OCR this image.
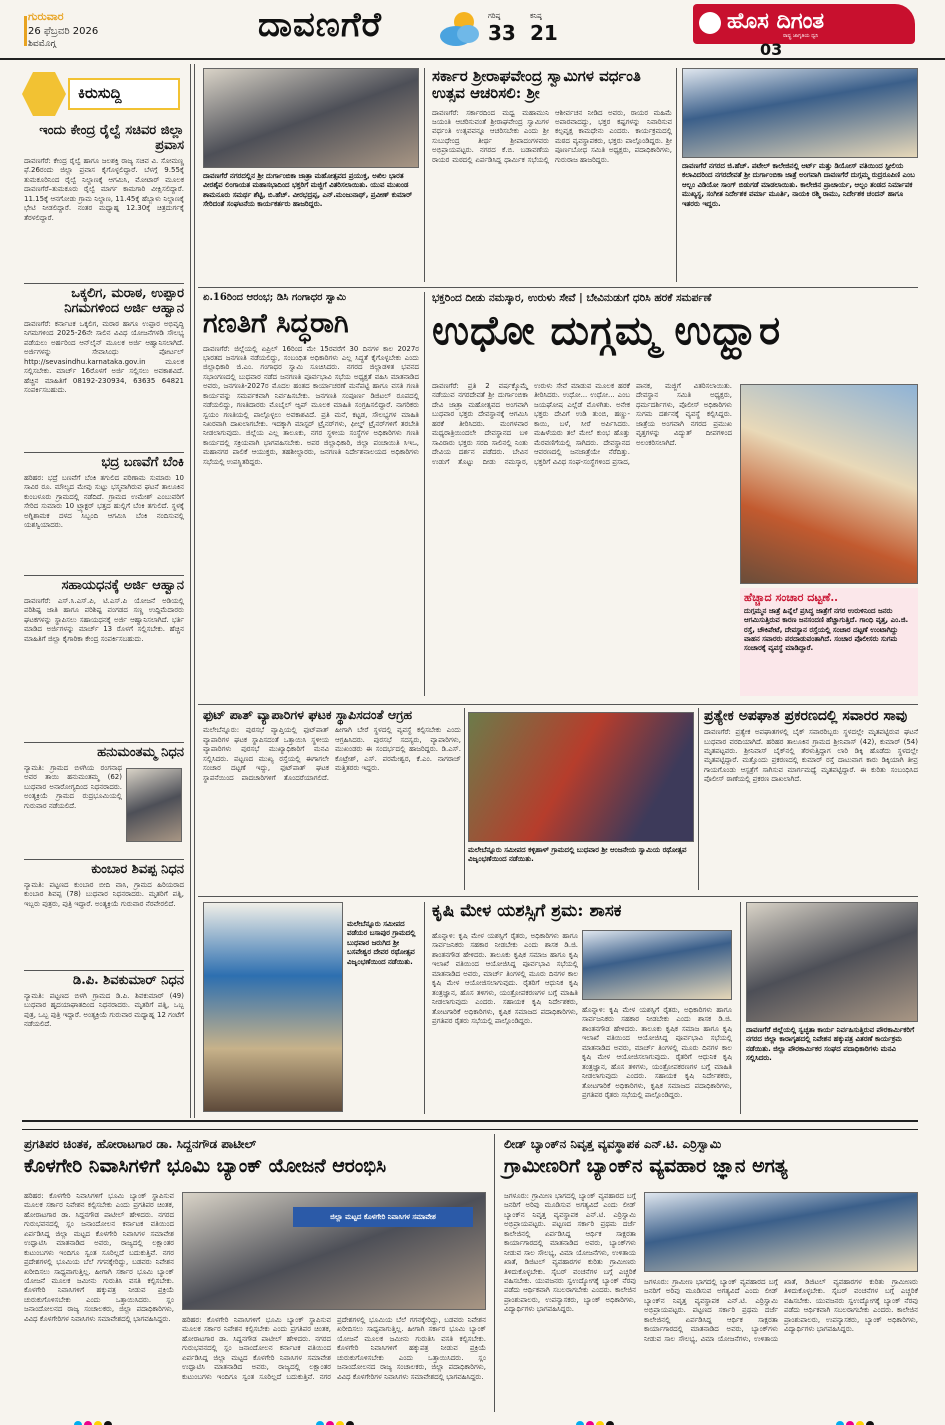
ಗುರುವಾರ
26 ಫೆಬ್ರವರಿ 2026
ಶಿವಮೊಗ್ಗ	ದಾವಣಗೆರೆ	ಗರಿಷ್ಠ
33
ಕನಿಷ್ಠ
21	ಹೊಸ ದಿಗಂತ
ರಾಷ್ಟ್ರ ಜಾಗೃತಿಯ ಧ್ವನಿ
03
ಕಿರುಸುದ್ದಿ
ಇಂದು ಕೇಂದ್ರ ರೈಲ್ವೆ ಸಚಿವರ ಜಿಲ್ಲಾ ಪ್ರವಾಸ
ದಾವಣಗೆರೆ: ಕೇಂದ್ರ ರೈಲ್ವೆ ಹಾಗೂ ಜಲಶಕ್ತಿ ರಾಜ್ಯ ಸಚಿವ ವಿ. ಸೋಮಣ್ಣ ಫೆ.26ರಂದು ಜಿಲ್ಲಾ ಪ್ರವಾಸ ಕೈಗೊಳ್ಳಲಿದ್ದಾರೆ. ಬೆಳಗ್ಗೆ 9.55ಕ್ಕೆ ತುಮಕೂರಿನಿಂದ ರೈಲ್ವೆ ನಿಲ್ದಾಣಕ್ಕೆ ಆಗಮಿಸಿ, ಮೋಟಾರ್ ಮೂಲಕ ದಾವಣಗೆರೆ–ತುಮಕೂರು ರೈಲ್ವೆ ಮಾರ್ಗ ಕಾಮಗಾರಿ ವೀಕ್ಷಿಸಲಿದ್ದಾರೆ. 11.15ಕ್ಕೆ ಆನಗೋಡು ಗ್ರಾಮ ನಿಲ್ದಾಣ, 11.45ಕ್ಕೆ ಹೆಬ್ಬಾಳು ನಿಲ್ದಾಣಕ್ಕೆ ಭೇಟಿ ನೀಡಲಿದ್ದಾರೆ. ನಂತರ ಮಧ್ಯಾಹ್ನ 12.30ಕ್ಕೆ ಚಿತ್ರದುರ್ಗಕ್ಕೆ ತೆರಳಲಿದ್ದಾರೆ.
ಒಕ್ಕಲಿಗ, ಮರಾಠ, ಉಪ್ಪಾರ ನಿಗಮಗಳಿಂದ ಅರ್ಜಿ ಆಹ್ವಾನ
ದಾವಣಗೆರೆ: ಕರ್ನಾಟಕ ಒಕ್ಕಲಿಗ, ಮರಾಠ ಹಾಗೂ ಉಪ್ಪಾರ ಅಭಿವೃದ್ಧಿ ನಿಗಮಗಳಿಂದ 2025-26ನೇ ಸಾಲಿನ ವಿವಿಧ ಯೋಜನೆಗಳಡಿ ಸೌಲಭ್ಯ ಪಡೆಯಲು ಅರ್ಹರಿಂದ ಆನ್‌ಲೈನ್ ಮೂಲಕ ಅರ್ಜಿ ಆಹ್ವಾನಿಸಲಾಗಿದೆ. ಅರ್ಜಿಗಳನ್ನು ಸೇವಾಸಿಂಧು ಪೋರ್ಟಲ್ http://sevasindhu.karnataka.gov.in ಮೂಲಕ ಸಲ್ಲಿಸಬೇಕು. ಮಾರ್ಚ್ 16ರೊಳಗೆ ಅರ್ಜಿ ಸಲ್ಲಿಸಲು ಅವಕಾಶವಿದೆ. ಹೆಚ್ಚಿನ ಮಾಹಿತಿಗೆ 08192-230934, 63635 64821 ಸಂಪರ್ಕಿಸಬಹುದು.
ಭದ್ರ ಬಣವೆಗೆ ಬೆಂಕಿ
ಹರಿಹರ: ಭದ್ರೆ ಬಣವೆಗೆ ಬೆಂಕಿ ತಗುಲಿದ ಪರಿಣಾಮ ಸುಮಾರು 10 ಸಾವಿರ ರೂ. ಮೌಲ್ಯದ ಮೇವು ಸುಟ್ಟು ಭಸ್ಮವಾಗಿರುವ ಘಟನೆ ತಾಲೂಕಿನ ಕುಂಬಳೂರು ಗ್ರಾಮದಲ್ಲಿ ನಡೆದಿದೆ. ಗ್ರಾಮದ ಉಮೇಶ್ ಎಂಬುವರಿಗೆ ಸೇರಿದ ಸುಮಾರು 10 ಟ್ರ್ಯಾಕ್ಟರ್ ಭತ್ತದ ಹುಲ್ಲಿಗೆ ಬೆಂಕಿ ತಗುಲಿದೆ. ಸ್ಥಳಕ್ಕೆ ಅಗ್ನಿಶಾಮಕ ದಳದ ಸಿಬ್ಬಂದಿ ಆಗಮಿಸಿ ಬೆಂಕಿ ನಂದಿಸುವಲ್ಲಿ ಯಶಸ್ವಿಯಾದರು.
ಸಹಾಯಧನಕ್ಕೆ ಅರ್ಜಿ ಆಹ್ವಾನ
ದಾವಣಗೆರೆ: ಎಸ್.ಸಿ.ಎಸ್.ಪಿ, ಟಿ.ಎಸ್.ಪಿ ಯೋಜನೆ ಅಡಿಯಲ್ಲಿ ಪರಿಶಿಷ್ಟ ಜಾತಿ ಹಾಗೂ ಪರಿಶಿಷ್ಟ ಪಂಗಡದ ಸಣ್ಣ ಉದ್ದಿಮೆದಾರರು ಘಟಕಗಳನ್ನು ಸ್ಥಾಪಿಸಲು ಸಹಾಯಧನಕ್ಕೆ ಅರ್ಜಿ ಆಹ್ವಾನಿಸಲಾಗಿದೆ. ಭರ್ತಿ ಮಾಡಿದ ಅರ್ಜಿಗಳನ್ನು ಮಾರ್ಚ್ 13 ರೊಳಗೆ ಸಲ್ಲಿಸಬೇಕು. ಹೆಚ್ಚಿನ ಮಾಹಿತಿಗೆ ಜಿಲ್ಲಾ ಕೈಗಾರಿಕಾ ಕೇಂದ್ರ ಸಂಪರ್ಕಿಸಬಹುದು.
ಹನುಮಂತಮ್ಮ ನಿಧನ
ನ್ಯಾಮತಿ: ಗ್ರಾಮದ ಬಿಳಗಿಯ ರಂಗನಾಥ ಅವರ ತಾಯಿ ಹನುಮಂತಮ್ಮ (62) ಬುಧವಾರ ಅನಾರೋಗ್ಯದಿಂದ ನಿಧನರಾದರು. ಅಂತ್ಯಕ್ರಿಯೆ ಗ್ರಾಮದ ರುದ್ರಭೂಮಿಯಲ್ಲಿ ಗುರುವಾರ ನಡೆಯಲಿದೆ.
ಕುಂಬಾರ ಶಿವಪ್ಪ ನಿಧನ
ನ್ಯಾಮತಿ: ಪಟ್ಟಣದ ಕುಂಬಾರ ಬೀದಿ ವಾಸಿ, ಗ್ರಾಮದ ಹಿರಿಯರಾದ ಕುಂಬಾರ ಶಿವಪ್ಪ (78) ಬುಧವಾರ ನಿಧನರಾದರು. ಮೃತರಿಗೆ ಪತ್ನಿ, ಇಬ್ಬರು ಪುತ್ರರು, ಪುತ್ರಿ ಇದ್ದಾರೆ. ಅಂತ್ಯಕ್ರಿಯೆ ಗುರುವಾರ ನೆರವೇರಲಿದೆ.
ಡಿ.ಪಿ. ಶಿವಕುಮಾರ್ ನಿಧನ
ನ್ಯಾಮತಿ: ಪಟ್ಟಣದ ಬಿಳಗಿ ಗ್ರಾಮದ ಡಿ.ಪಿ. ಶಿವಕುಮಾರ್ (49) ಬುಧವಾರ ಹೃದಯಾಘಾತದಿಂದ ನಿಧನರಾದರು. ಮೃತರಿಗೆ ಪತ್ನಿ, ಒಬ್ಬ ಪುತ್ರ, ಒಬ್ಬ ಪುತ್ರಿ ಇದ್ದಾರೆ. ಅಂತ್ಯಕ್ರಿಯೆ ಗುರುವಾರ ಮಧ್ಯಾಹ್ನ 12 ಗಂಟೆಗೆ ನಡೆಯಲಿದೆ.
ದಾವಣಗೆರೆ ನಗರದಲ್ಲಿನ ಶ್ರೀ ದುರ್ಗಾಂಬಿಕಾ ಜಾತ್ರಾ ಮಹೋತ್ಸವದ ಪ್ರಯುಕ್ತ, ಅಖಿಲ ಭಾರತ ವೀರಶೈವ ಲಿಂಗಾಯತ ಮಹಾಸಭಾದಿಂದ ಭಕ್ತರಿಗೆ ಮಜ್ಜಿಗೆ ವಿತರಿಸಲಾಯಿತು. ಯುವ ಮುಖಂಡ ಶಾಮನೂರು ಸಮರ್ಥ ಶೆಟ್ಟಿ, ಬಿ.ಹೆಚ್. ವೀರಭದ್ರಪ್ಪ, ಎನ್.ಮಂಜುನಾಥ್, ಪ್ರವೀಣ್ ಕುಮಾರ್ ಸೇರಿದಂತೆ ಸಂಘಟನೆಯ ಕಾರ್ಯಕರ್ತರು ಹಾಜರಿದ್ದರು.
ಸರ್ಕಾರ ಶ್ರೀರಾಘವೇಂದ್ರ ಸ್ವಾಮಿಗಳ ವರ್ಧಂತಿ ಉತ್ಸವ ಆಚರಿಸಲಿ: ಶ್ರೀ
ದಾವಣಗೆರೆ: ಸರ್ಕಾರದಿಂದ ಮಧ್ವ ಮಹಾಮುನಿ ಜಯಂತಿ ಆಚರಿಸುವಂತೆ ಶ್ರೀರಾಘವೇಂದ್ರ ಸ್ವಾಮಿಗಳ ವರ್ಧಂತಿ ಉತ್ಸವವನ್ನೂ ಆಚರಿಸಬೇಕು ಎಂದು ಶ್ರೀ ಸುಬುಧೇಂದ್ರ ತೀರ್ಥ ಶ್ರೀಪಾದಂಗಳವರು ಅಭಿಪ್ರಾಯಪಟ್ಟರು. ನಗರದ ಕೆ.ಬಿ. ಬಡಾವಣೆಯ ರಾಯರ ಮಠದಲ್ಲಿ ಏರ್ಪಡಿಸಿದ್ದ ಧಾರ್ಮಿಕ ಸಭೆಯಲ್ಲಿ ಆಶೀರ್ವಚನ ನೀಡಿದ ಅವರು, ರಾಯರ ಮಹಿಮೆ ಅಪಾರವಾದದ್ದು, ಭಕ್ತರ ಕಷ್ಟಗಳನ್ನು ನಿವಾರಿಸುವ ಕಲ್ಪವೃಕ್ಷ ಕಾಮಧೇನು ಎಂದರು. ಕಾರ್ಯಕ್ರಮದಲ್ಲಿ ಮಠದ ವ್ಯವಸ್ಥಾಪಕರು, ಭಕ್ತರು ಪಾಲ್ಗೊಂಡಿದ್ದರು. ಶ್ರೀ ಪೂರ್ಣಬೋಧ ಸಮಿತಿ ಅಧ್ಯಕ್ಷರು, ಪದಾಧಿಕಾರಿಗಳು, ಗುರುರಾಜ ಹಾಜರಿದ್ದರು.
ದಾವಣಗೆರೆ ನಗರದ ಜಿ.ಹೆಚ್. ಪಟೇಲ್ ಕಾಲೇಜಿನಲ್ಲಿ ಆರ್ಟ್ ಮತ್ತು ಡಿಯೋಸ್ ವತಿಯಿಂದ ಸ್ಟೀಲಿಯ ಕಲಾವಿದರಿಂದ ನಗರದೇವತೆ ಶ್ರೀ ದುರ್ಗಾಂಬಿಕಾ ಜಾತ್ರೆ ಅಂಗವಾಗಿ ದಾವಣಗೆರೆ ದುಗ್ಗಮ್ಮ ರುದ್ರರೂಪಿಣಿ ಎಂಬ ಆಲ್ಬಂ ವಿಡಿಯೋ ಸಾಂಗ್ ಬಿಡುಗಡೆ ಮಾಡಲಾಯಿತು. ಕಾಲೇಜಿನ ಪ್ರಾಚಾರ್ಯ, ಆಲ್ಬಂ ತಂಡದ ನಿರ್ಮಾಪಕ ಮುಖ್ಯಸ್ಥ, ಸಂಗೀತ ನಿರ್ದೇಶಕ ವರ್ಮಾ ಮೂರ್ತಿ, ನಾಯಕಿ ರಶ್ಮಿ ರಾಮು, ನಿರ್ದೇಶಕ ಚಂದನ್ ಹಾಗೂ ಇತರರು ಇದ್ದರು.
ಏ.16ರಿಂದ ಆರಂಭ; ಡಿಸಿ ಗಂಗಾಧರ ಸ್ವಾಮಿ
ಗಣತಿಗೆ ಸಿದ್ಧರಾಗಿ
ದಾವಣಗೆರೆ: ಜಿಲ್ಲೆಯಲ್ಲಿ ಏಪ್ರಿಲ್ 16ರಿಂದ ಮೇ 15ರವರೆಗೆ 30 ದಿನಗಳ ಕಾಲ 2027ರ ಭಾರತದ ಜನಗಣತಿ ನಡೆಯಲಿದ್ದು, ಸಂಬಂಧಿತ ಅಧಿಕಾರಿಗಳು ಎಲ್ಲ ಸಿದ್ಧತೆ ಕೈಗೊಳ್ಳಬೇಕು ಎಂದು ಜಿಲ್ಲಾಧಿಕಾರಿ ಜಿ.ಎಂ. ಗಂಗಾಧರ ಸ್ವಾಮಿ ಸೂಚಿಸಿದರು. ನಗರದ ಜಿಲ್ಲಾಡಳಿತ ಭವನದ ಸಭಾಂಗಣದಲ್ಲಿ ಬುಧವಾರ ನಡೆದ ಜನಗಣತಿ ಪೂರ್ವಭಾವಿ ಸಭೆಯ ಅಧ್ಯಕ್ಷತೆ ವಹಿಸಿ ಮಾತನಾಡಿದ ಅವರು, ಜನಗಣತಿ-2027ರ ಮೊದಲ ಹಂತದ ಕಾರ್ಯಾಚರಣೆ ಮನೆಪಟ್ಟಿ ಹಾಗೂ ವಸತಿ ಗಣತಿ ಕಾರ್ಯವನ್ನು ಸಮರ್ಪಕವಾಗಿ ನಿರ್ವಹಿಸಬೇಕು. ಜನಗಣತಿ ಸಂಪೂರ್ಣ ಡಿಜಿಟಲ್ ರೂಪದಲ್ಲಿ ನಡೆಯಲಿದ್ದು, ಗಣತಿದಾರರು ಮೊಬೈಲ್ ಆ್ಯಪ್ ಮೂಲಕ ಮಾಹಿತಿ ಸಂಗ್ರಹಿಸಲಿದ್ದಾರೆ. ನಾಗರಿಕರು ಸ್ವಯಂ ಗಣತಿಯಲ್ಲಿ ಪಾಲ್ಗೊಳ್ಳಲು ಅವಕಾಶವಿದೆ. ಪ್ರತಿ ಮನೆ, ಕಟ್ಟಡ, ಸೌಲಭ್ಯಗಳ ಮಾಹಿತಿ ನಿಖರವಾಗಿ ದಾಖಲಾಗಬೇಕು. ಇದಕ್ಕಾಗಿ ಮಾಸ್ಟರ್ ಟ್ರೈನರ್‌ಗಳು, ಫೀಲ್ಡ್ ಟ್ರೈನರ್‌ಗಳಿಗೆ ತರಬೇತಿ ನೀಡಲಾಗುವುದು. ಜಿಲ್ಲೆಯ ಎಲ್ಲ ತಾಲೂಕು, ನಗರ ಸ್ಥಳೀಯ ಸಂಸ್ಥೆಗಳ ಅಧಿಕಾರಿಗಳು ಗಣತಿ ಕಾರ್ಯದಲ್ಲಿ ಸಕ್ರಿಯವಾಗಿ ಭಾಗವಹಿಸಬೇಕು. ಅಪರ ಜಿಲ್ಲಾಧಿಕಾರಿ, ಜಿಲ್ಲಾ ಪಂಚಾಯಿತಿ ಸಿಇಒ, ಮಹಾನಗರ ಪಾಲಿಕೆ ಆಯುಕ್ತರು, ತಹಶೀಲ್ದಾರರು, ಜನಗಣತಿ ನಿರ್ದೇಶನಾಲಯದ ಅಧಿಕಾರಿಗಳು ಸಭೆಯಲ್ಲಿ ಉಪಸ್ಥಿತರಿದ್ದರು.
ಭಕ್ತರಿಂದ ದೀಡು ನಮಸ್ಕಾರ, ಉರುಳು ಸೇವೆ | ಬೇವಿನುಡುಗೆ ಧರಿಸಿ ಹರಕೆ ಸಮರ್ಪಣೆ
ಉಧೋ ದುಗ್ಗಮ್ಮ ಉಧ್ಹಾರ
ದಾವಣಗೆರೆ: ಪ್ರತಿ 2 ವರ್ಷಕ್ಕೊಮ್ಮೆ ನಡೆಯುವ ನಗರದೇವತೆ ಶ್ರೀ ದುರ್ಗಾಂಬಿಕಾ ದೇವಿ ಜಾತ್ರಾ ಮಹೋತ್ಸವದ ಅಂಗವಾಗಿ ಬುಧವಾರ ಭಕ್ತರು ದೇವಸ್ಥಾನಕ್ಕೆ ಆಗಮಿಸಿ ಹರಕೆ ತೀರಿಸಿದರು. ಮಂಗಳವಾರ ಮಧ್ಯರಾತ್ರಿಯಿಂದಲೇ ದೇವಸ್ಥಾನದ ಬಳಿ ಸಾವಿರಾರು ಭಕ್ತರು ಸರದಿ ಸಾಲಿನಲ್ಲಿ ನಿಂತು ದೇವಿಯ ದರ್ಶನ ಪಡೆದರು. ಬೇವಿನ ಉಡುಗೆ ತೊಟ್ಟು ದೀಡು ನಮಸ್ಕಾರ, ಉರುಳು ಸೇವೆ ಮಾಡುವ ಮೂಲಕ ಹರಕೆ ತೀರಿಸಿದರು. ಉಧೋ... ಉಧೋ... ಎಂಬ ಜಯಘೋಷ ಎಲ್ಲೆಡೆ ಮೊಳಗಿತು. ಅನೇಕ ಭಕ್ತರು ದೇವಿಗೆ ಉಡಿ ತುಂಬಿ, ಹಣ್ಣು-ಕಾಯಿ, ಬಳೆ, ಸೀರೆ ಅರ್ಪಿಸಿದರು. ಮಹಿಳೆಯರು ತಲೆ ಮೇಲೆ ಕುಂಭ ಹೊತ್ತು ಮೆರವಣಿಗೆಯಲ್ಲಿ ಸಾಗಿದರು. ದೇವಸ್ಥಾನದ ಆವರಣದಲ್ಲಿ ಜನಜಾತ್ರೆಯೇ ನೆರೆದಿತ್ತು. ಭಕ್ತರಿಗೆ ವಿವಿಧ ಸಂಘ-ಸಂಸ್ಥೆಗಳಿಂದ ಪ್ರಸಾದ, ಪಾನಕ, ಮಜ್ಜಿಗೆ ವಿತರಿಸಲಾಯಿತು. ದೇವಸ್ಥಾನ ಸಮಿತಿ ಅಧ್ಯಕ್ಷರು, ಧರ್ಮದರ್ಶಿಗಳು, ಪೊಲೀಸ್ ಅಧಿಕಾರಿಗಳು ಸುಗಮ ದರ್ಶನಕ್ಕೆ ವ್ಯವಸ್ಥೆ ಕಲ್ಪಿಸಿದ್ದರು. ಜಾತ್ರೆಯ ಅಂಗವಾಗಿ ನಗರದ ಪ್ರಮುಖ ವೃತ್ತಗಳನ್ನು ವಿದ್ಯುತ್ ದೀಪಗಳಿಂದ ಅಲಂಕರಿಸಲಾಗಿದೆ.
ಹೆಚ್ಚಾದ ಸಂಚಾರ ದಟ್ಟಣೆ..
ದುಗ್ಗಮ್ಮನ ಜಾತ್ರೆ ಹಿನ್ನೆಲೆ ಪ್ರಸಿದ್ಧ ಜಾತ್ರೆಗೆ ನಗರ ಉರುಳಿನಿಂದ ಜನರು ಆಗಮಿಸುತ್ತಿರುವ ಕಾರಣ ಜನಸಂದಣಿ ಹೆಚ್ಚಾಗುತ್ತಿದೆ. ಗಾಂಧಿ ವೃತ್ತ, ಎಂ.ಜಿ. ರಸ್ತೆ, ಚೌಕಿಪೇಟೆ, ದೇವಸ್ಥಾನ ರಸ್ತೆಯಲ್ಲಿ ಸಂಚಾರ ದಟ್ಟಣೆ ಉಂಟಾಗಿದ್ದು ವಾಹನ ಸವಾರರು ಪರದಾಡುವಂತಾಗಿದೆ. ಸಂಚಾರ ಪೊಲೀಸರು ಸುಗಮ ಸಂಚಾರಕ್ಕೆ ವ್ಯವಸ್ಥೆ ಮಾಡಿದ್ದಾರೆ.
ಫುಟ್ ಪಾತ್ ವ್ಯಾಪಾರಿಗಳ ಘಟಕ ಸ್ಥಾಪಿಸದಂತೆ ಆಗ್ರಹ
ಮಲೇಬೆನ್ನೂರು: ಪುರಸಭೆ ವ್ಯಾಪ್ತಿಯಲ್ಲಿ ಫುಟ್‌ಪಾತ್ ವ್ಯಾಪಾರಿಗಳ ಘಟಕ ಸ್ಥಾಪಿಸದಂತೆ ಒತ್ತಾಯಿಸಿ ಸ್ಥಳೀಯ ವ್ಯಾಪಾರಿಗಳು ಪುರಸಭೆ ಮುಖ್ಯಾಧಿಕಾರಿಗೆ ಮನವಿ ಸಲ್ಲಿಸಿದರು. ಪಟ್ಟಣದ ಮುಖ್ಯ ರಸ್ತೆಯಲ್ಲಿ ಈಗಾಗಲೇ ಸಂಚಾರ ದಟ್ಟಣೆ ಇದ್ದು, ಫುಟ್‌ಪಾತ್ ಘಟಕ ಸ್ಥಾಪನೆಯಿಂದ ಪಾದಚಾರಿಗಳಿಗೆ ತೊಂದರೆಯಾಗಲಿದೆ. ಹೀಗಾಗಿ ಬೇರೆ ಸ್ಥಳದಲ್ಲಿ ವ್ಯವಸ್ಥೆ ಕಲ್ಪಿಸಬೇಕು ಎಂದು ಆಗ್ರಹಿಸಿದರು. ಪುರಸಭೆ ಸದಸ್ಯರು, ವ್ಯಾಪಾರಿಗಳು, ಮುಖಂಡರು ಈ ಸಂದರ್ಭದಲ್ಲಿ ಹಾಜರಿದ್ದರು. ಡಿ.ಎಸ್. ಕೊಟ್ರೇಶ್, ಎಸ್. ಪರಮೇಶ್ವರ, ಕೆ.ಎಂ. ನಾಗರಾಜ್ ಮತ್ತಿತರರು ಇದ್ದರು.
ಮಲೇಬೆನ್ನೂರು ಸಮೀಪದ ಕಳ್ಳಿಹಾಳ್ ಗ್ರಾಮದಲ್ಲಿ ಬುಧವಾರ ಶ್ರೀ ಆಂಜನೇಯ ಸ್ವಾಮಿಯ ರಥೋತ್ಸವ ವಿಜೃಂಭಣೆಯಿಂದ ನಡೆಯಿತು.
ಪ್ರತ್ಯೇಕ ಅಪಘಾತ ಪ್ರಕರಣದಲ್ಲಿ ಸವಾರರ ಸಾವು
ದಾವಣಗೆರೆ: ಪ್ರತ್ಯೇಕ ಅಪಘಾತಗಳಲ್ಲಿ ಬೈಕ್ ಸವಾರರಿಬ್ಬರು ಸ್ಥಳದಲ್ಲೇ ಮೃತಪಟ್ಟಿರುವ ಘಟನೆ ಬುಧವಾರ ವರದಿಯಾಗಿದೆ. ಹರಿಹರ ತಾಲೂಕಿನ ಗ್ರಾಮದ ಶ್ರೀನಿವಾಸ್ (42), ಕುಮಾರ್ (54) ಮೃತಪಟ್ಟವರು. ಶ್ರೀನಿವಾಸ್ ಬೈಕ್‌ನಲ್ಲಿ ತೆರಳುತ್ತಿದ್ದಾಗ ಲಾರಿ ಡಿಕ್ಕಿ ಹೊಡೆದು ಸ್ಥಳದಲ್ಲೇ ಮೃತಪಟ್ಟಿದ್ದಾರೆ. ಮತ್ತೊಂದು ಪ್ರಕರಣದಲ್ಲಿ ಕುಮಾರ್ ರಸ್ತೆ ದಾಟುವಾಗ ಕಾರು ಡಿಕ್ಕಿಯಾಗಿ ತೀವ್ರ ಗಾಯಗೊಂಡು ಆಸ್ಪತ್ರೆಗೆ ಸಾಗಿಸುವ ಮಾರ್ಗಮಧ್ಯೆ ಮೃತಪಟ್ಟಿದ್ದಾರೆ. ಈ ಕುರಿತು ಸಂಬಂಧಿಸಿದ ಪೊಲೀಸ್ ಠಾಣೆಯಲ್ಲಿ ಪ್ರಕರಣ ದಾಖಲಾಗಿದೆ.
ಮಲೇಬೆನ್ನೂರು ಸಮೀಪದ ವಡೆಯರ ಬಸಾಪುರ ಗ್ರಾಮದಲ್ಲಿ ಬುಧವಾರ ಜರುಗಿದ ಶ್ರೀ ಬಸವೇಶ್ವರ ದೇವರ ರಥೋತ್ಸವ ವಿಜೃಂಭಣೆಯಿಂದ ನಡೆಯಿತು.
ಕೃಷಿ ಮೇಳ ಯಶಸ್ಸಿಗೆ ಶ್ರಮ: ಶಾಸಕ
ಹೊನ್ನಾಳಿ: ಕೃಷಿ ಮೇಳ ಯಶಸ್ಸಿಗೆ ರೈತರು, ಅಧಿಕಾರಿಗಳು ಹಾಗೂ ಸಾರ್ವಜನಿಕರು ಸಹಕಾರ ನೀಡಬೇಕು ಎಂದು ಶಾಸಕ ಡಿ.ಜಿ. ಶಾಂತನಗೌಡ ಹೇಳಿದರು. ತಾಲೂಕು ಕೃಷಿಕ ಸಮಾಜ ಹಾಗೂ ಕೃಷಿ ಇಲಾಖೆ ವತಿಯಿಂದ ಆಯೋಜಿಸಿದ್ದ ಪೂರ್ವಭಾವಿ ಸಭೆಯಲ್ಲಿ ಮಾತನಾಡಿದ ಅವರು, ಮಾರ್ಚ್ ತಿಂಗಳಲ್ಲಿ ಮೂರು ದಿನಗಳ ಕಾಲ ಕೃಷಿ ಮೇಳ ಆಯೋಜಿಸಲಾಗುವುದು. ರೈತರಿಗೆ ಆಧುನಿಕ ಕೃಷಿ ತಂತ್ರಜ್ಞಾನ, ಹೊಸ ತಳಿಗಳು, ಯಂತ್ರೋಪಕರಣಗಳ ಬಗ್ಗೆ ಮಾಹಿತಿ ನೀಡಲಾಗುವುದು ಎಂದರು. ಸಹಾಯಕ ಕೃಷಿ ನಿರ್ದೇಶಕರು, ತೋಟಗಾರಿಕೆ ಅಧಿಕಾರಿಗಳು, ಕೃಷಿಕ ಸಮಾಜದ ಪದಾಧಿಕಾರಿಗಳು, ಪ್ರಗತಿಪರ ರೈತರು ಸಭೆಯಲ್ಲಿ ಪಾಲ್ಗೊಂಡಿದ್ದರು.
ಹೊನ್ನಾಳಿ: ಕೃಷಿ ಮೇಳ ಯಶಸ್ಸಿಗೆ ರೈತರು, ಅಧಿಕಾರಿಗಳು ಹಾಗೂ ಸಾರ್ವಜನಿಕರು ಸಹಕಾರ ನೀಡಬೇಕು ಎಂದು ಶಾಸಕ ಡಿ.ಜಿ. ಶಾಂತನಗೌಡ ಹೇಳಿದರು. ತಾಲೂಕು ಕೃಷಿಕ ಸಮಾಜ ಹಾಗೂ ಕೃಷಿ ಇಲಾಖೆ ವತಿಯಿಂದ ಆಯೋಜಿಸಿದ್ದ ಪೂರ್ವಭಾವಿ ಸಭೆಯಲ್ಲಿ ಮಾತನಾಡಿದ ಅವರು, ಮಾರ್ಚ್ ತಿಂಗಳಲ್ಲಿ ಮೂರು ದಿನಗಳ ಕಾಲ ಕೃಷಿ ಮೇಳ ಆಯೋಜಿಸಲಾಗುವುದು. ರೈತರಿಗೆ ಆಧುನಿಕ ಕೃಷಿ ತಂತ್ರಜ್ಞಾನ, ಹೊಸ ತಳಿಗಳು, ಯಂತ್ರೋಪಕರಣಗಳ ಬಗ್ಗೆ ಮಾಹಿತಿ ನೀಡಲಾಗುವುದು ಎಂದರು. ಸಹಾಯಕ ಕೃಷಿ ನಿರ್ದೇಶಕರು, ತೋಟಗಾರಿಕೆ ಅಧಿಕಾರಿಗಳು, ಕೃಷಿಕ ಸಮಾಜದ ಪದಾಧಿಕಾರಿಗಳು, ಪ್ರಗತಿಪರ ರೈತರು ಸಭೆಯಲ್ಲಿ ಪಾಲ್ಗೊಂಡಿದ್ದರು.
ದಾವಣಗೆರೆ ಜಿಲ್ಲೆಯಲ್ಲಿ ಸ್ವಚ್ಛತಾ ಕಾರ್ಯ ನಿರ್ವಹಿಸುತ್ತಿರುವ ಪೌರಕಾರ್ಮಿಕರಿಗೆ ನಗರದ ಜಿಲ್ಲಾ ಕಾರಾಗೃಹದಲ್ಲಿ ನಿವೇಶನ ಹಕ್ಕುಪತ್ರ ವಿತರಣೆ ಕಾರ್ಯಕ್ರಮ ನಡೆಯಿತು. ಜಿಲ್ಲಾ ಪೌರಕಾರ್ಮಿಕರ ಸಂಘದ ಪದಾಧಿಕಾರಿಗಳು ಮನವಿ ಸಲ್ಲಿಸಿದರು.
ಪ್ರಗತಿಪರ ಚಿಂತಕ, ಹೋರಾಟಗಾರ ಡಾ. ಸಿದ್ದನಗೌಡ ಪಾಟೀಲ್
ಕೊಳಗೇರಿ ನಿವಾಸಿಗಳಿಗೆ ಭೂಮಿ ಬ್ಯಾಂಕ್ ಯೋಜನೆ ಆರಂಭಿಸಿ
ಹರಿಹರ: ಕೊಳಗೇರಿ ನಿವಾಸಿಗಳಿಗೆ ಭೂಮಿ ಬ್ಯಾಂಕ್ ಸ್ಥಾಪಿಸುವ ಮೂಲಕ ಸರ್ಕಾರ ನಿವೇಶನ ಕಲ್ಪಿಸಬೇಕು ಎಂದು ಪ್ರಗತಿಪರ ಚಿಂತಕ, ಹೋರಾಟಗಾರ ಡಾ. ಸಿದ್ದನಗೌಡ ಪಾಟೀಲ್ ಹೇಳಿದರು. ನಗರದ ಗುರುಭವನದಲ್ಲಿ ಸ್ಲಂ ಜನಾಂದೋಲನ ಕರ್ನಾಟಕ ವತಿಯಿಂದ ಏರ್ಪಡಿಸಿದ್ದ ಜಿಲ್ಲಾ ಮಟ್ಟದ ಕೊಳಗೇರಿ ನಿವಾಸಿಗಳ ಸಮಾವೇಶ ಉದ್ಘಾಟಿಸಿ ಮಾತನಾಡಿದ ಅವರು, ರಾಜ್ಯದಲ್ಲಿ ಲಕ್ಷಾಂತರ ಕುಟುಂಬಗಳು ಇಂದಿಗೂ ಸ್ವಂತ ಸೂರಿಲ್ಲದೆ ಬದುಕುತ್ತಿವೆ. ನಗರ ಪ್ರದೇಶಗಳಲ್ಲಿ ಭೂಮಿಯ ಬೆಲೆ ಗಗನಕ್ಕೇರಿದ್ದು, ಬಡವರು ನಿವೇಶನ ಖರೀದಿಸಲು ಸಾಧ್ಯವಾಗುತ್ತಿಲ್ಲ. ಹೀಗಾಗಿ ಸರ್ಕಾರ ಭೂಮಿ ಬ್ಯಾಂಕ್ ಯೋಜನೆ ಮೂಲಕ ಜಮೀನು ಗುರುತಿಸಿ ವಸತಿ ಕಲ್ಪಿಸಬೇಕು. ಕೊಳಗೇರಿ ನಿವಾಸಿಗಳಿಗೆ ಹಕ್ಕುಪತ್ರ ನೀಡುವ ಪ್ರಕ್ರಿಯೆ ಚುರುಕುಗೊಳಿಸಬೇಕು ಎಂದು ಒತ್ತಾಯಿಸಿದರು. ಸ್ಲಂ ಜನಾಂದೋಲನದ ರಾಜ್ಯ ಸಂಚಾಲಕರು, ಜಿಲ್ಲಾ ಪದಾಧಿಕಾರಿಗಳು, ವಿವಿಧ ಕೊಳಗೇರಿಗಳ ನಿವಾಸಿಗಳು ಸಮಾವೇಶದಲ್ಲಿ ಭಾಗವಹಿಸಿದ್ದರು.
ಜಿಲ್ಲಾ ಮಟ್ಟದ ಕೊಳಗೇರಿ ನಿವಾಸಿಗಳ ಸಮಾವೇಶ
ಹರಿಹರ: ಕೊಳಗೇರಿ ನಿವಾಸಿಗಳಿಗೆ ಭೂಮಿ ಬ್ಯಾಂಕ್ ಸ್ಥಾಪಿಸುವ ಮೂಲಕ ಸರ್ಕಾರ ನಿವೇಶನ ಕಲ್ಪಿಸಬೇಕು ಎಂದು ಪ್ರಗತಿಪರ ಚಿಂತಕ, ಹೋರಾಟಗಾರ ಡಾ. ಸಿದ್ದನಗೌಡ ಪಾಟೀಲ್ ಹೇಳಿದರು. ನಗರದ ಗುರುಭವನದಲ್ಲಿ ಸ್ಲಂ ಜನಾಂದೋಲನ ಕರ್ನಾಟಕ ವತಿಯಿಂದ ಏರ್ಪಡಿಸಿದ್ದ ಜಿಲ್ಲಾ ಮಟ್ಟದ ಕೊಳಗೇರಿ ನಿವಾಸಿಗಳ ಸಮಾವೇಶ ಉದ್ಘಾಟಿಸಿ ಮಾತನಾಡಿದ ಅವರು, ರಾಜ್ಯದಲ್ಲಿ ಲಕ್ಷಾಂತರ ಕುಟುಂಬಗಳು ಇಂದಿಗೂ ಸ್ವಂತ ಸೂರಿಲ್ಲದೆ ಬದುಕುತ್ತಿವೆ. ನಗರ ಪ್ರದೇಶಗಳಲ್ಲಿ ಭೂಮಿಯ ಬೆಲೆ ಗಗನಕ್ಕೇರಿದ್ದು, ಬಡವರು ನಿವೇಶನ ಖರೀದಿಸಲು ಸಾಧ್ಯವಾಗುತ್ತಿಲ್ಲ. ಹೀಗಾಗಿ ಸರ್ಕಾರ ಭೂಮಿ ಬ್ಯಾಂಕ್ ಯೋಜನೆ ಮೂಲಕ ಜಮೀನು ಗುರುತಿಸಿ ವಸತಿ ಕಲ್ಪಿಸಬೇಕು. ಕೊಳಗೇರಿ ನಿವಾಸಿಗಳಿಗೆ ಹಕ್ಕುಪತ್ರ ನೀಡುವ ಪ್ರಕ್ರಿಯೆ ಚುರುಕುಗೊಳಿಸಬೇಕು ಎಂದು ಒತ್ತಾಯಿಸಿದರು. ಸ್ಲಂ ಜನಾಂದೋಲನದ ರಾಜ್ಯ ಸಂಚಾಲಕರು, ಜಿಲ್ಲಾ ಪದಾಧಿಕಾರಿಗಳು, ವಿವಿಧ ಕೊಳಗೇರಿಗಳ ನಿವಾಸಿಗಳು ಸಮಾವೇಶದಲ್ಲಿ ಭಾಗವಹಿಸಿದ್ದರು.
ಲೀಡ್ ಬ್ಯಾಂಕ್‌ನ ನಿವೃತ್ತ ವ್ಯವಸ್ಥಾಪಕ ಎನ್.ಟಿ. ಎರ್ರಿಸ್ವಾಮಿ
ಗ್ರಾಮೀಣರಿಗೆ ಬ್ಯಾಂಕ್‌ನ ವ್ಯವಹಾರ ಜ್ಞಾನ ಅಗತ್ಯ
ಜಗಳೂರು: ಗ್ರಾಮೀಣ ಭಾಗದಲ್ಲಿ ಬ್ಯಾಂಕ್ ವ್ಯವಹಾರದ ಬಗ್ಗೆ ಜನರಿಗೆ ಅರಿವು ಮೂಡಿಸುವ ಅಗತ್ಯವಿದೆ ಎಂದು ಲೀಡ್ ಬ್ಯಾಂಕ್‌ನ ನಿವೃತ್ತ ವ್ಯವಸ್ಥಾಪಕ ಎನ್.ಟಿ. ಎರ್ರಿಸ್ವಾಮಿ ಅಭಿಪ್ರಾಯಪಟ್ಟರು. ಪಟ್ಟಣದ ಸರ್ಕಾರಿ ಪ್ರಥಮ ದರ್ಜೆ ಕಾಲೇಜಿನಲ್ಲಿ ಏರ್ಪಡಿಸಿದ್ದ ಆರ್ಥಿಕ ಸಾಕ್ಷರತಾ ಕಾರ್ಯಾಗಾರದಲ್ಲಿ ಮಾತನಾಡಿದ ಅವರು, ಬ್ಯಾಂಕ್‌ಗಳು ನೀಡುವ ಸಾಲ ಸೌಲಭ್ಯ, ವಿಮಾ ಯೋಜನೆಗಳು, ಉಳಿತಾಯ ಖಾತೆ, ಡಿಜಿಟಲ್ ವ್ಯವಹಾರಗಳ ಕುರಿತು ಗ್ರಾಮೀಣರು ತಿಳಿದುಕೊಳ್ಳಬೇಕು. ಸೈಬರ್ ವಂಚನೆಗಳ ಬಗ್ಗೆ ಎಚ್ಚರಿಕೆ ವಹಿಸಬೇಕು. ಯುವಜನರು ಸ್ವಉದ್ಯೋಗಕ್ಕೆ ಬ್ಯಾಂಕ್ ನೆರವು ಪಡೆದು ಆರ್ಥಿಕವಾಗಿ ಸಬಲರಾಗಬೇಕು ಎಂದರು. ಕಾಲೇಜಿನ ಪ್ರಾಂಶುಪಾಲರು, ಉಪನ್ಯಾಸಕರು, ಬ್ಯಾಂಕ್ ಅಧಿಕಾರಿಗಳು, ವಿದ್ಯಾರ್ಥಿಗಳು ಭಾಗವಹಿಸಿದ್ದರು.
ಜಗಳೂರು: ಗ್ರಾಮೀಣ ಭಾಗದಲ್ಲಿ ಬ್ಯಾಂಕ್ ವ್ಯವಹಾರದ ಬಗ್ಗೆ ಜನರಿಗೆ ಅರಿವು ಮೂಡಿಸುವ ಅಗತ್ಯವಿದೆ ಎಂದು ಲೀಡ್ ಬ್ಯಾಂಕ್‌ನ ನಿವೃತ್ತ ವ್ಯವಸ್ಥಾಪಕ ಎನ್.ಟಿ. ಎರ್ರಿಸ್ವಾಮಿ ಅಭಿಪ್ರಾಯಪಟ್ಟರು. ಪಟ್ಟಣದ ಸರ್ಕಾರಿ ಪ್ರಥಮ ದರ್ಜೆ ಕಾಲೇಜಿನಲ್ಲಿ ಏರ್ಪಡಿಸಿದ್ದ ಆರ್ಥಿಕ ಸಾಕ್ಷರತಾ ಕಾರ್ಯಾಗಾರದಲ್ಲಿ ಮಾತನಾಡಿದ ಅವರು, ಬ್ಯಾಂಕ್‌ಗಳು ನೀಡುವ ಸಾಲ ಸೌಲಭ್ಯ, ವಿಮಾ ಯೋಜನೆಗಳು, ಉಳಿತಾಯ ಖಾತೆ, ಡಿಜಿಟಲ್ ವ್ಯವಹಾರಗಳ ಕುರಿತು ಗ್ರಾಮೀಣರು ತಿಳಿದುಕೊಳ್ಳಬೇಕು. ಸೈಬರ್ ವಂಚನೆಗಳ ಬಗ್ಗೆ ಎಚ್ಚರಿಕೆ ವಹಿಸಬೇಕು. ಯುವಜನರು ಸ್ವಉದ್ಯೋಗಕ್ಕೆ ಬ್ಯಾಂಕ್ ನೆರವು ಪಡೆದು ಆರ್ಥಿಕವಾಗಿ ಸಬಲರಾಗಬೇಕು ಎಂದರು. ಕಾಲೇಜಿನ ಪ್ರಾಂಶುಪಾಲರು, ಉಪನ್ಯಾಸಕರು, ಬ್ಯಾಂಕ್ ಅಧಿಕಾರಿಗಳು, ವಿದ್ಯಾರ್ಥಿಗಳು ಭಾಗವಹಿಸಿದ್ದರು.
